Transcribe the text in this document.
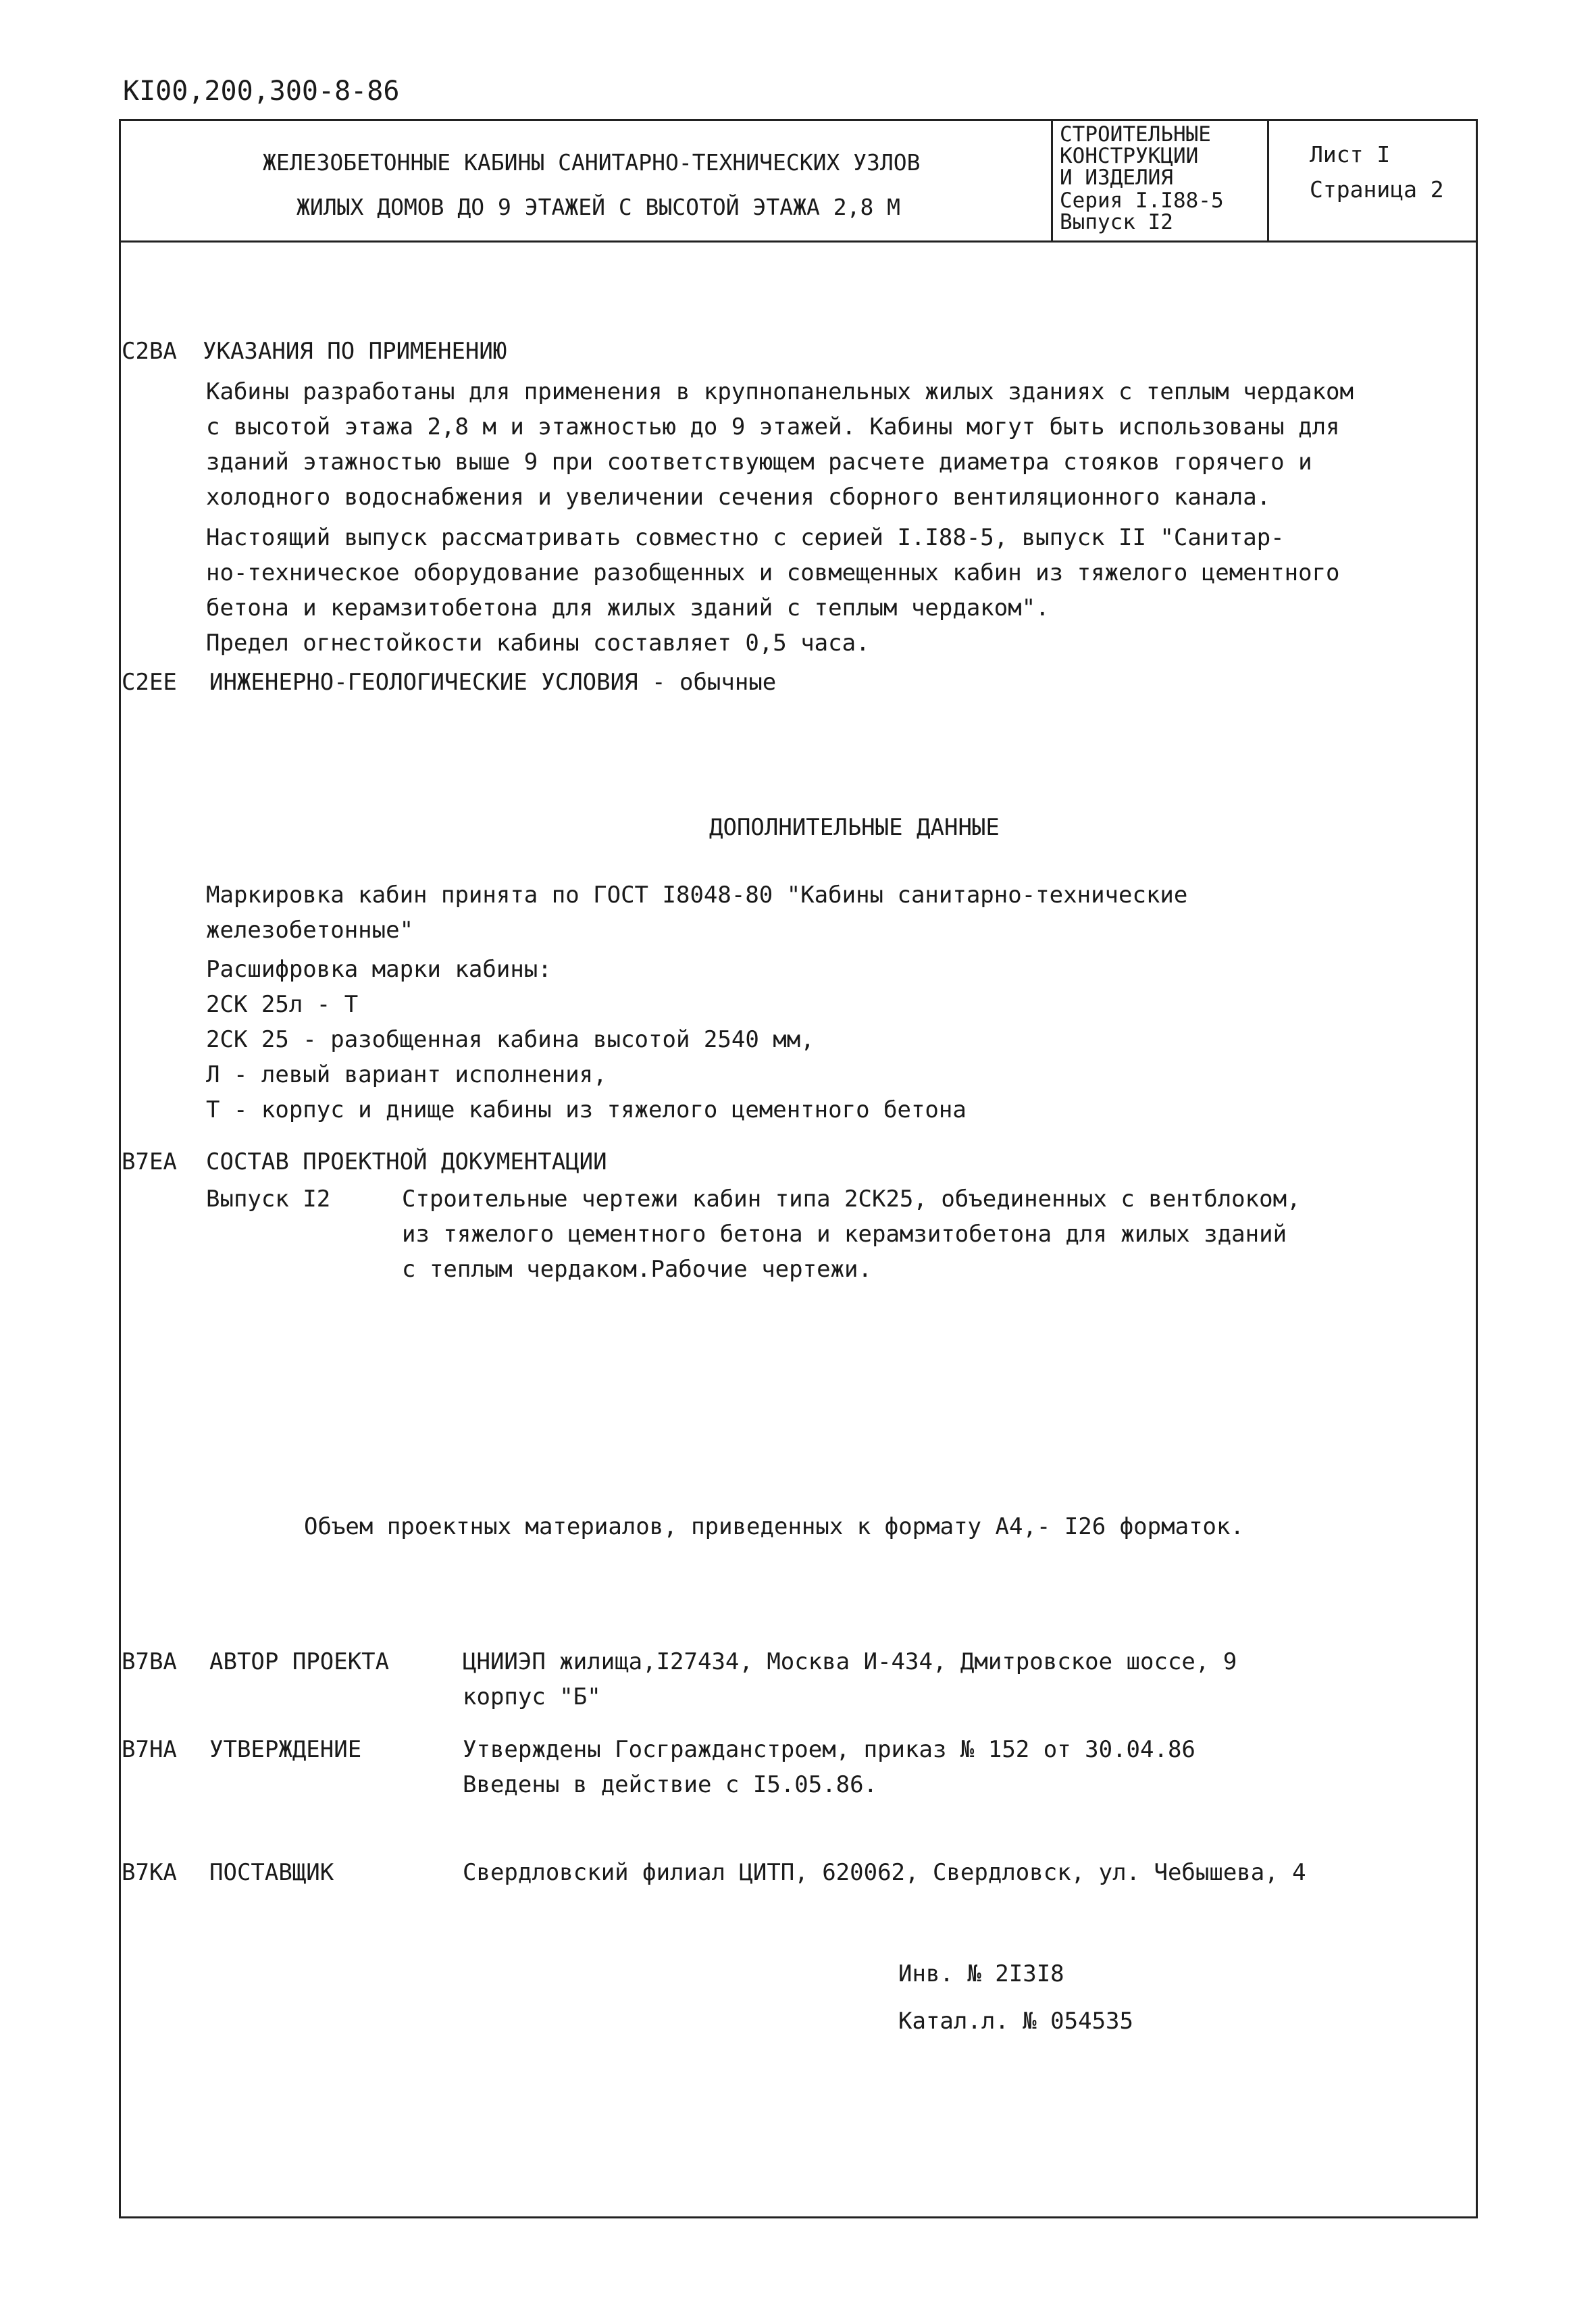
КI00,200,300-8-86
ЖЕЛЕЗОБЕТОННЫЕ КАБИНЫ САНИТАРНО-ТЕХНИЧЕСКИХ УЗЛОВ
ЖИЛЫХ ДОМОВ ДО 9 ЭТАЖЕЙ С ВЫСОТОЙ ЭТАЖА 2,8 М
СТРОИТЕЛЬНЫЕ
КОНСТРУКЦИИ
И ИЗДЕЛИЯ
Серия I.I88-5
Выпуск I2
Лист I
Страница 2
С2ВА УКАЗАНИЯ ПО ПРИМЕНЕНИЮ
Кабины разработаны для применения в крупнопанельных жилых зданиях с теплым чердаком
с высотой этажа 2,8 м и этажностью до 9 этажей. Кабины могут быть использованы для
зданий этажностью выше 9 при соответствующем расчете диаметра стояков горячего и
холодного водоснабжения и увеличении сечения сборного вентиляционного канала.
Настоящий выпуск рассматривать совместно с серией I.I88-5, выпуск II "Санитар-
но-техническое оборудование разобщенных и совмещенных кабин из тяжелого цементного
бетона и керамзитобетона для жилых зданий с теплым чердаком".
Предел огнестойкости кабины составляет 0,5 часа.
С2ЕЕ ИНЖЕНЕРНО-ГЕОЛОГИЧЕСКИЕ УСЛОВИЯ - обычные
ДОПОЛНИТЕЛЬНЫЕ ДАННЫЕ
Маркировка кабин принята по ГОСТ I8048-80 "Кабины санитарно-технические
железобетонные"
Расшифровка марки кабины:
2СК 25л - Т
2СК 25 - разобщенная кабина высотой 2540 мм,
Л - левый вариант исполнения,
Т - корпус и днище кабины из тяжелого цементного бетона
В7ЕА СОСТАВ ПРОЕКТНОЙ ДОКУМЕНТАЦИИ
Выпуск I2	Строительные чертежи кабин типа 2СК25, объединенных с вентблоком,
из тяжелого цементного бетона и керамзитобетона для жилых зданий
с теплым чердаком.Рабочие чертежи.
Объем проектных материалов, приведенных к формату А4,- I26 форматок.
В7ВА АВТОР ПРОЕКТА	ЦНИИЭП жилища,I27434, Москва И-434, Дмитровское шоссе, 9
корпус "Б"
В7НА УТВЕРЖДЕНИЕ	Утверждены Госгражданстроем, приказ № 152 от 30.04.86
Введены в действие с I5.05.86.
В7КА ПОСТАВЩИК	Свердловский филиал ЦИТП, 620062, Свердловск, ул. Чебышева, 4
Инв. № 2I3I8
Катал.л. № 054535
